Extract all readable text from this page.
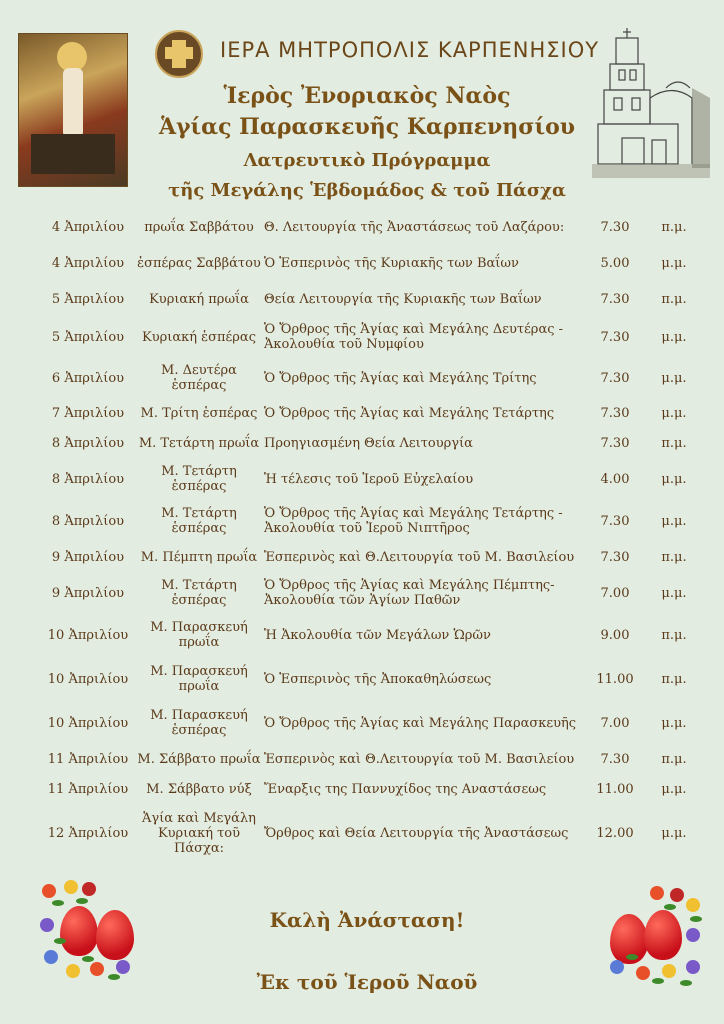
ΙΕΡΑ ΜΗΤΡΟΠΟΛΙΣ ΚΑΡΠΕΝΗΣΙΟΥ
Ἱερὸς Ἐνοριακὸς Ναὸς
Ἁγίας Παρασκευῆς Καρπενησίου
Λατρευτικὸ Πρόγραμμα
τῆς Μεγάλης Ἑβδομάδος & τοῦ Πάσχα
4 Ἀπριλίου	πρωΐα Σαββάτου	Θ. Λειτουργία τῆς Ἀναστάσεως τοῦ Λαζάρου:	7.30	π.μ.
4 Ἀπριλίου	ἑσπέρας Σαββάτου	Ὁ Ἑσπερινὸς τῆς Κυριακῆς των Βαΐων	5.00	μ.μ.
5 Ἀπριλίου	Κυριακή πρωΐα	Θεία Λειτουργία τῆς Κυριακῆς των Βαΐων	7.30	π.μ.
5 Ἀπριλίου	Κυριακή ἑσπέρας	Ὁ Ὄρθρος τῆς Ἁγίας καὶ Μεγάλης Δευτέρας - Ἀκολουθία τοῦ Νυμφίου	7.30	μ.μ.
6 Ἀπριλίου	Μ. Δευτέρα ἑσπέρας	Ὁ Ὄρθρος τῆς Ἁγίας καὶ Μεγάλης Τρίτης	7.30	μ.μ.
7 Ἀπριλίου	Μ. Τρίτη ἑσπέρας	Ὁ Ὄρθρος τῆς Ἁγίας καὶ Μεγάλης Τετάρτης	7.30	μ.μ.
8 Ἀπριλίου	Μ. Τετάρτη πρωΐα	Προηγιασμένη Θεία Λειτουργία	7.30	π.μ.
8 Ἀπριλίου	Μ. Τετάρτη ἑσπέρας	Ἡ τέλεσις τοῦ Ἱεροῦ Εὐχελαίου	4.00	μ.μ.
8 Ἀπριλίου	Μ. Τετάρτη ἑσπέρας	Ὁ Ὄρθρος τῆς Ἁγίας καὶ Μεγάλης Τετάρτης - Ἀκολουθία τοῦ Ἱεροῦ Νιπτῆρος	7.30	μ.μ.
9 Ἀπριλίου	Μ. Πέμπτη πρωΐα	Ἑσπερινὸς καὶ Θ.Λειτουργία τοῦ Μ. Βασιλείου	7.30	π.μ.
9 Ἀπριλίου	Μ. Τετάρτη ἑσπέρας	Ὁ Ὄρθρος τῆς Ἁγίας καὶ Μεγάλης Πέμπτης- Ἀκολουθία τῶν Ἁγίων Παθῶν	7.00	μ.μ.
10 Ἀπριλίου	Μ. Παρασκευή πρωΐα	Ἡ Ἀκολουθία τῶν Μεγάλων Ὡρῶν	9.00	π.μ.
10 Ἀπριλίου	Μ. Παρασκευή πρωΐα	Ὁ Ἑσπερινὸς τῆς Ἀποκαθηλώσεως	11.00	π.μ.
10 Ἀπριλίου	Μ. Παρασκευή ἑσπέρας	Ὁ Ὄρθρος τῆς Ἁγίας καὶ Μεγάλης Παρασκευῆς	7.00	μ.μ.
11 Ἀπριλίου	Μ. Σάββατο πρωΐα	Ἑσπερινὸς καὶ Θ.Λειτουργία τοῦ Μ. Βασιλείου	7.30	π.μ.
11 Ἀπριλίου	Μ. Σάββατο νύξ	Ἔναρξις της Παννυχίδος της Αναστάσεως	11.00	μ.μ.
12 Ἀπριλίου	Ἁγία καὶ Μεγάλη Κυριακή τοῦ Πάσχα:	Ὄρθρος καὶ Θεία Λειτουργία τῆς Ἀναστάσεως	12.00	μ.μ.
Καλὴ Ἀνάσταση!
Ἐκ τοῦ Ἱεροῦ Ναοῦ
